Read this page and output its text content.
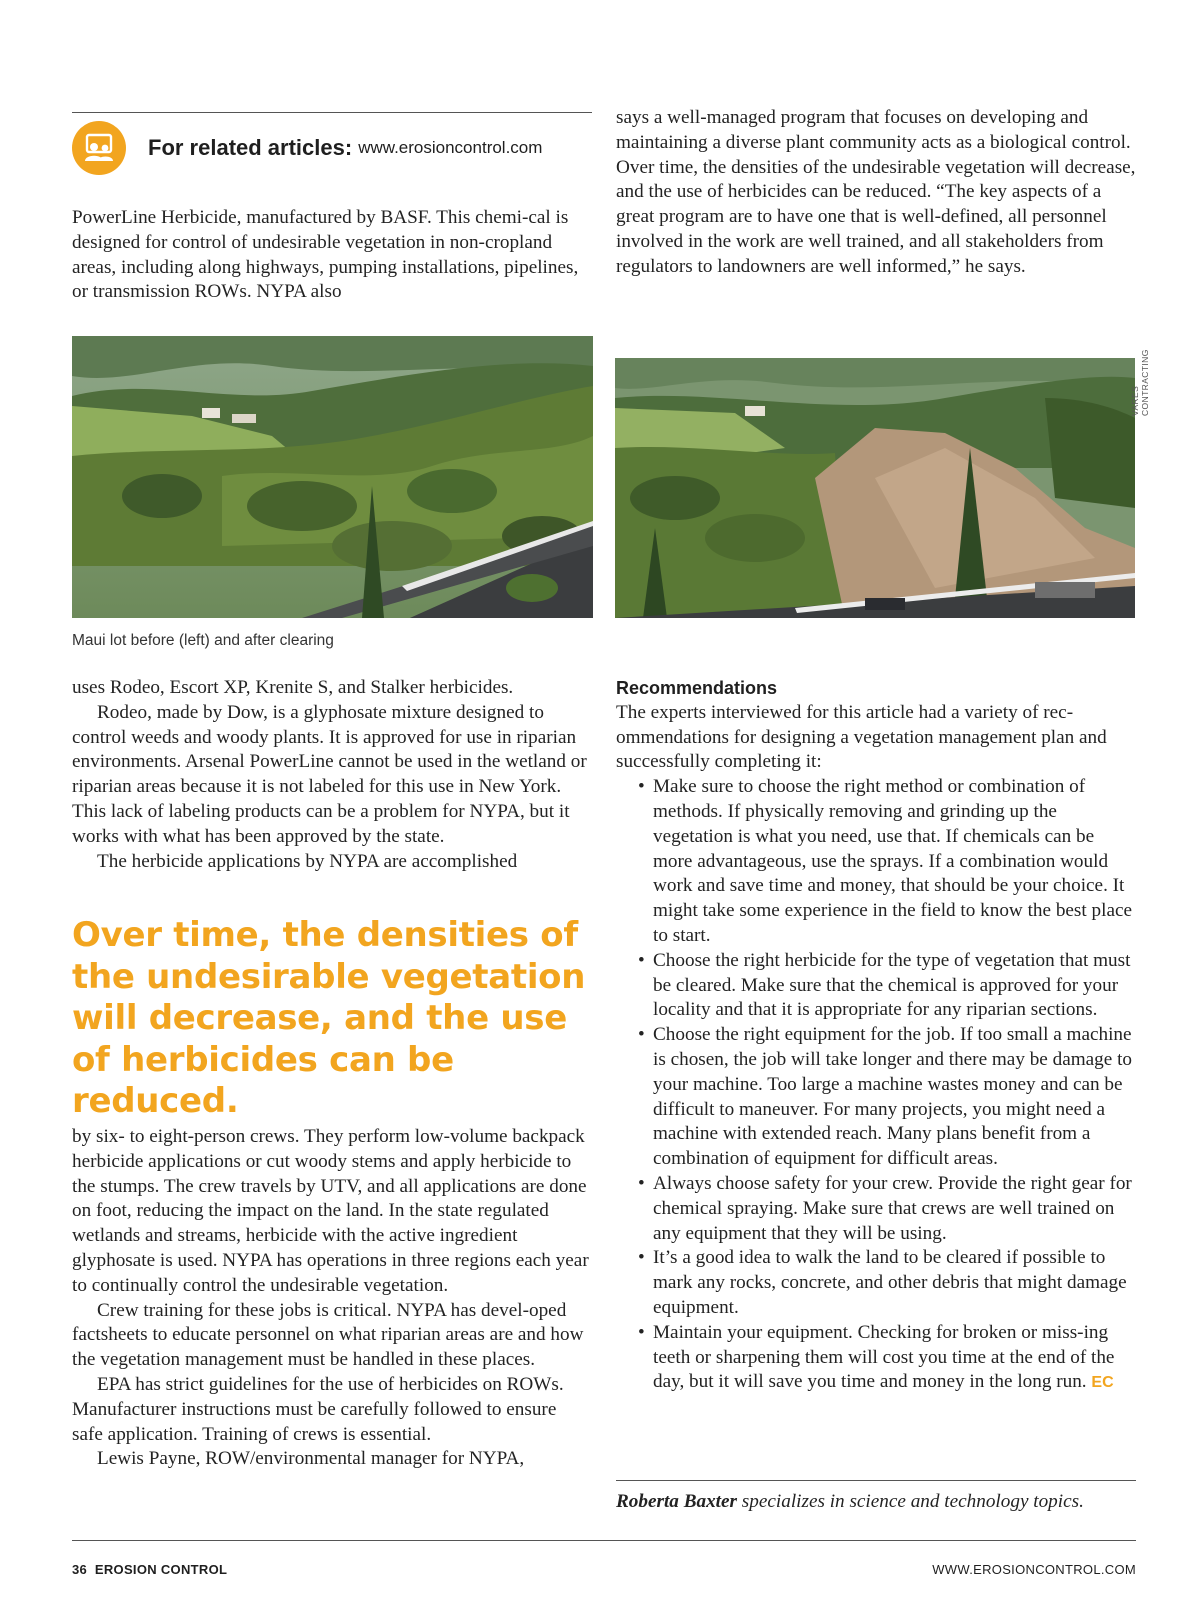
For related articles: www.erosioncontrol.com

PowerLine Herbicide, manufactured by BASF. This chemi-cal is designed for control of undesirable vegetation in non-cropland areas, including along highways, pumping installations, pipelines, or transmission ROWs. NYPA also

says a well-managed program that focuses on developing and maintaining a diverse plant community acts as a biological control. Over time, the densities of the undesirable vegetation will decrease, and the use of herbicides can be reduced. “The key aspects of a great program are to have one that is well-defined, all personnel involved in the work are well trained, and all stakeholders from regulators to landowners are well informed,” he says.

VARES CONTRACTING
Maui lot before (left) and after clearing

uses Rodeo, Escort XP, Krenite S, and Stalker herbicides.

Rodeo, made by Dow, is a glyphosate mixture designed to control weeds and woody plants. It is approved for use in riparian environments. Arsenal PowerLine cannot be used in the wetland or riparian areas because it is not labeled for this use in New York. This lack of labeling products can be a problem for NYPA, but it works with what has been approved by the state.

The herbicide applications by NYPA are accomplished

Over time, the densities of the undesirable vegetation will decrease, and the use of herbicides can be reduced.

by six- to eight-person crews. They perform low-volume backpack herbicide applications or cut woody stems and apply herbicide to the stumps. The crew travels by UTV, and all applications are done on foot, reducing the impact on the land. In the state regulated wetlands and streams, herbicide with the active ingredient glyphosate is used. NYPA has operations in three regions each year to continually control the undesirable vegetation.

Crew training for these jobs is critical. NYPA has devel-oped factsheets to educate personnel on what riparian areas are and how the vegetation management must be handled in these places.

EPA has strict guidelines for the use of herbicides on ROWs. Manufacturer instructions must be carefully followed to ensure safe application. Training of crews is essential.

Lewis Payne, ROW/environmental manager for NYPA,

Recommendations

The experts interviewed for this article had a variety of rec-ommendations for designing a vegetation management plan and successfully completing it:

• Make sure to choose the right method or combination of methods. If physically removing and grinding up the vegetation is what you need, use that. If chemicals can be more advantageous, use the sprays. If a combination would work and save time and money, that should be your choice. It might take some experience in the field to know the best place to start.
• Choose the right herbicide for the type of vegetation that must be cleared. Make sure that the chemical is approved for your locality and that it is appropriate for any riparian sections.
• Choose the right equipment for the job. If too small a machine is chosen, the job will take longer and there may be damage to your machine. Too large a machine wastes money and can be difficult to maneuver. For many projects, you might need a machine with extended reach. Many plans benefit from a combination of equipment for difficult areas.
• Always choose safety for your crew. Provide the right gear for chemical spraying. Make sure that crews are well trained on any equipment that they will be using.
• It’s a good idea to walk the land to be cleared if possible to mark any rocks, concrete, and other debris that might damage equipment.
• Maintain your equipment. Checking for broken or miss-ing teeth or sharpening them will cost you time at the end of the day, but it will save you time and money in the long run. EC
Roberta Baxter specializes in science and technology topics.
36 EROSION CONTROL	WWW.EROSIONCONTROL.COM
